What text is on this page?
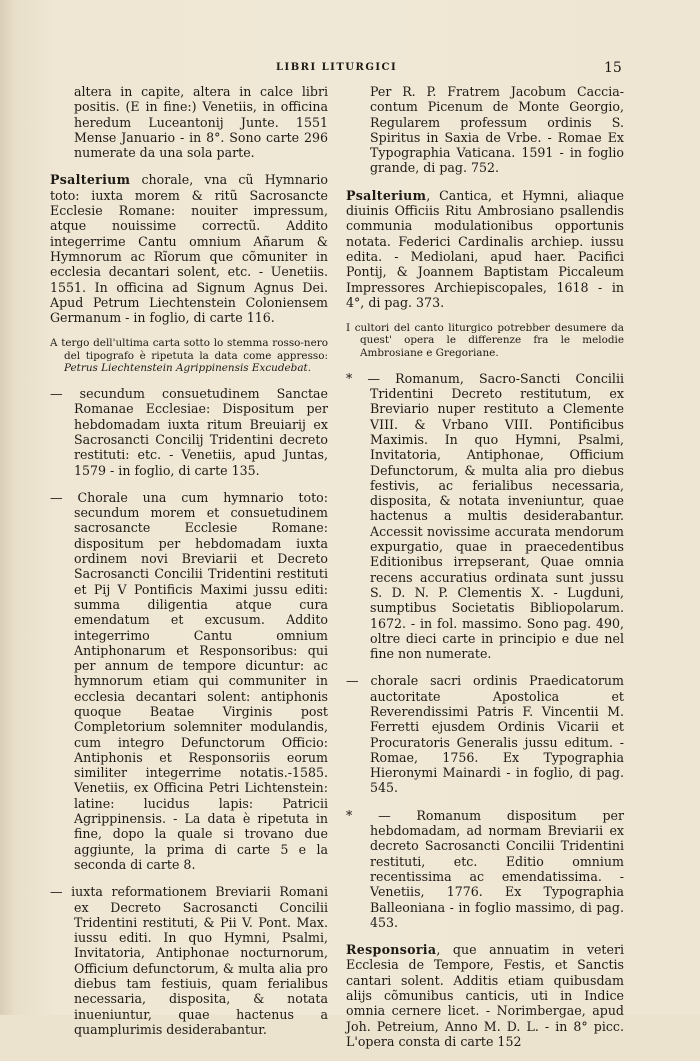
LIBRI LITURGICI	15

altera in capite, altera in calce libri positis. (E in fine:) Venetiis, in officina heredum Luceantonij Junte. 1551 Mense Januario - in 8°. Sono carte 296 numerate da una sola parte.

Psalterium chorale, vna cũ Hymnario toto: iuxta morem & ritũ Sacrosancte Ecclesie Romane: nouiter impressum, atque nouissime correctũ. Addito integerrime Cantu omnium Añarum & Hymnorum ac Rĩorum que cõmuniter in ecclesia decantari solent, etc. - Uenetiis. 1551. In officina ad Signum Agnus Dei. Apud Petrum Liechtenstein Coloniensem Germanum - in foglio, di carte 116.

A tergo dell'ultima carta sotto lo stemma rosso-nero del tipografo è ripetuta la data come appresso: Petrus Liechtenstein Agrippinensis Excudebat.

— secundum consuetudinem Sanctae Romanae Ecclesiae: Dispositum per hebdomadam iuxta ritum Breuiarij ex Sacrosancti Concilij Tridentini decreto restituti: etc. - Venetiis, apud Juntas, 1579 - in foglio, di carte 135.

— Chorale una cum hymnario toto: secundum morem et consuetudinem sacrosancte Ecclesie Romane: dispositum per hebdomadam iuxta ordinem novi Breviarii et Decreto Sacrosancti Concilii Tridentini restituti et Pij V Pontificis Maximi jussu editi: summa diligentia atque cura emendatum et excusum. Addito integerrimo Cantu omnium Antiphonarum et Responsoribus: qui per annum de tempore dicuntur: ac hymnorum etiam qui communiter in ecclesia decantari solent: antiphonis quoque Beatae Virginis post Completorium solemniter modulandis, cum integro Defunctorum Officio: Antiphonis et Responsoriis eorum similiter integerrime notatis.-1585. Venetiis, ex Officina Petri Lichtenstein: latine: lucidus lapis: Patricii Agrippinensis. - La data è ripetuta in fine, dopo la quale si trovano due aggiunte, la prima di carte 5 e la seconda di carte 8.

— iuxta reformationem Breviarii Romani ex Decreto Sacrosancti Concilii Tridentini restituti, & Pii V. Pont. Max. iussu editi. In quo Hymni, Psalmi, Invitatoria, Antiphonae nocturnorum, Officium defunctorum, & multa alia pro diebus tam festiuis, quam ferialibus necessaria, disposita, & notata inueniuntur, quae hactenus a quamplurimis desiderabantur.

Per R. P. Fratrem Jacobum Caccia-contum Picenum de Monte Georgio, Regularem professum ordinis S. Spiritus in Saxia de Vrbe. - Romae Ex Typographia Vaticana. 1591 - in foglio grande, di pag. 752.

Psalterium, Cantica, et Hymni, aliaque diuinis Officiis Ritu Ambrosiano psallendis communia modulationibus opportunis notata. Federici Cardinalis archiep. iussu edita. - Mediolani, apud haer. Pacifici Pontij, & Joannem Baptistam Piccaleum Impressores Archiepiscopales, 1618 - in 4°, di pag. 373.

I cultori del canto liturgico potrebber desumere da quest' opera le differenze fra le melodie Ambrosiane e Gregoriane.

* — Romanum, Sacro-Sancti Concilii Tridentini Decreto restitutum, ex Breviario nuper restituto a Clemente VIII. & Vrbano VIII. Pontificibus Maximis. In quo Hymni, Psalmi, Invitatoria, Antiphonae, Officium Defunctorum, & multa alia pro diebus festivis, ac ferialibus necessaria, disposita, & notata inveniuntur, quae hactenus a multis desiderabantur. Accessit novissime accurata mendorum expurgatio, quae in praecedentibus Editionibus irrepserant, Quae omnia recens accuratius ordinata sunt jussu S. D. N. P. Clementis X. - Lugduni, sumptibus Societatis Bibliopolarum. 1672. - in fol. massimo. Sono pag. 490, oltre dieci carte in principio e due nel fine non numerate.

— chorale sacri ordinis Praedicatorum auctoritate Apostolica et Reverendissimi Patris F. Vincentii M. Ferretti ejusdem Ordinis Vicarii et Procuratoris Generalis jussu editum. - Romae, 1756. Ex Typographia Hieronymi Mainardi - in foglio, di pag. 545.

* — Romanum dispositum per hebdomadam, ad normam Breviarii ex decreto Sacrosancti Concilii Tridentini restituti, etc. Editio omnium recentissima ac emendatissima. - Venetiis, 1776. Ex Typographia Balleoniana - in foglio massimo, di pag. 453.

Responsoria, que annuatim in veteri Ecclesia de Tempore, Festis, et Sanctis cantari solent. Additis etiam quibusdam alijs cõmunibus canticis, uti in Indice omnia cernere licet. - Norimbergae, apud Joh. Petreium, Anno M. D. L. - in 8° picc. L'opera consta di carte 152
